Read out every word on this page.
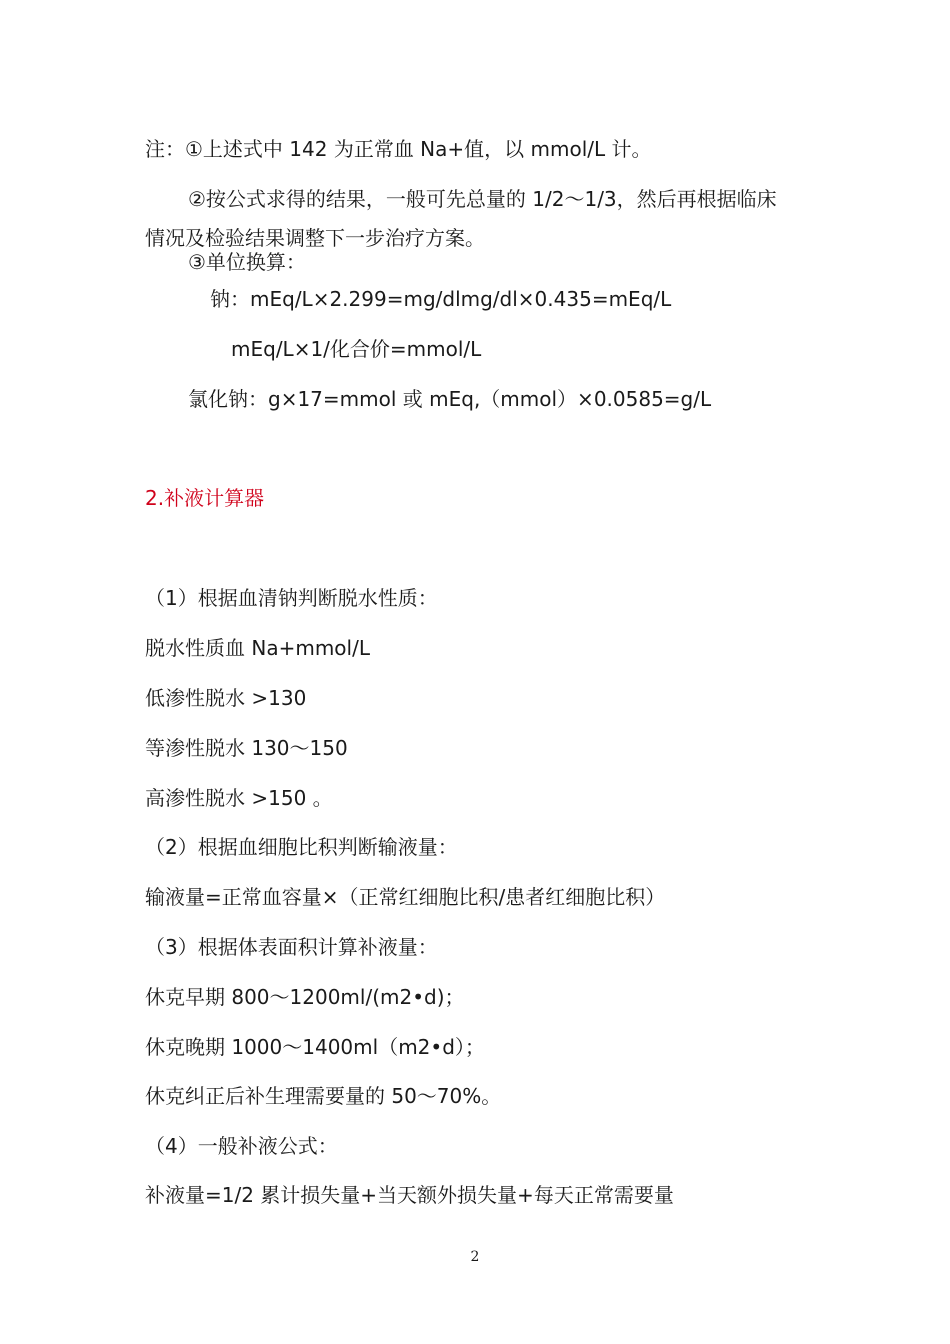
注：①上述式中 142 为正常血 Na+值，以 mmol/L 计。
②按公式求得的结果，一般可先总量的 1/2～1/3，然后再根据临床
情况及检验结果调整下一步治疗方案。
③单位换算：
钠：mEq/L×2.299=mg/dlmg/dl×0.435=mEq/L
mEq/L×1/化合价=mmol/L
氯化钠：g×17=mmol 或 mEq,（mmol）×0.0585=g/L
2.补液计算器
（1）根据血清钠判断脱水性质：
脱水性质血 Na+mmol/L
低渗性脱水 >130
等渗性脱水 130～150
高渗性脱水 >150 。
（2）根据血细胞比积判断输液量：
输液量=正常血容量×（正常红细胞比积/患者红细胞比积）
（3）根据体表面积计算补液量：
休克早期 800～1200ml/(m2•d)；
休克晚期 1000～1400ml（m2•d）；
休克纠正后补生理需要量的 50～70%。
（4）一般补液公式：
补液量=1/2 累计损失量+当天额外损失量+每天正常需要量
2
